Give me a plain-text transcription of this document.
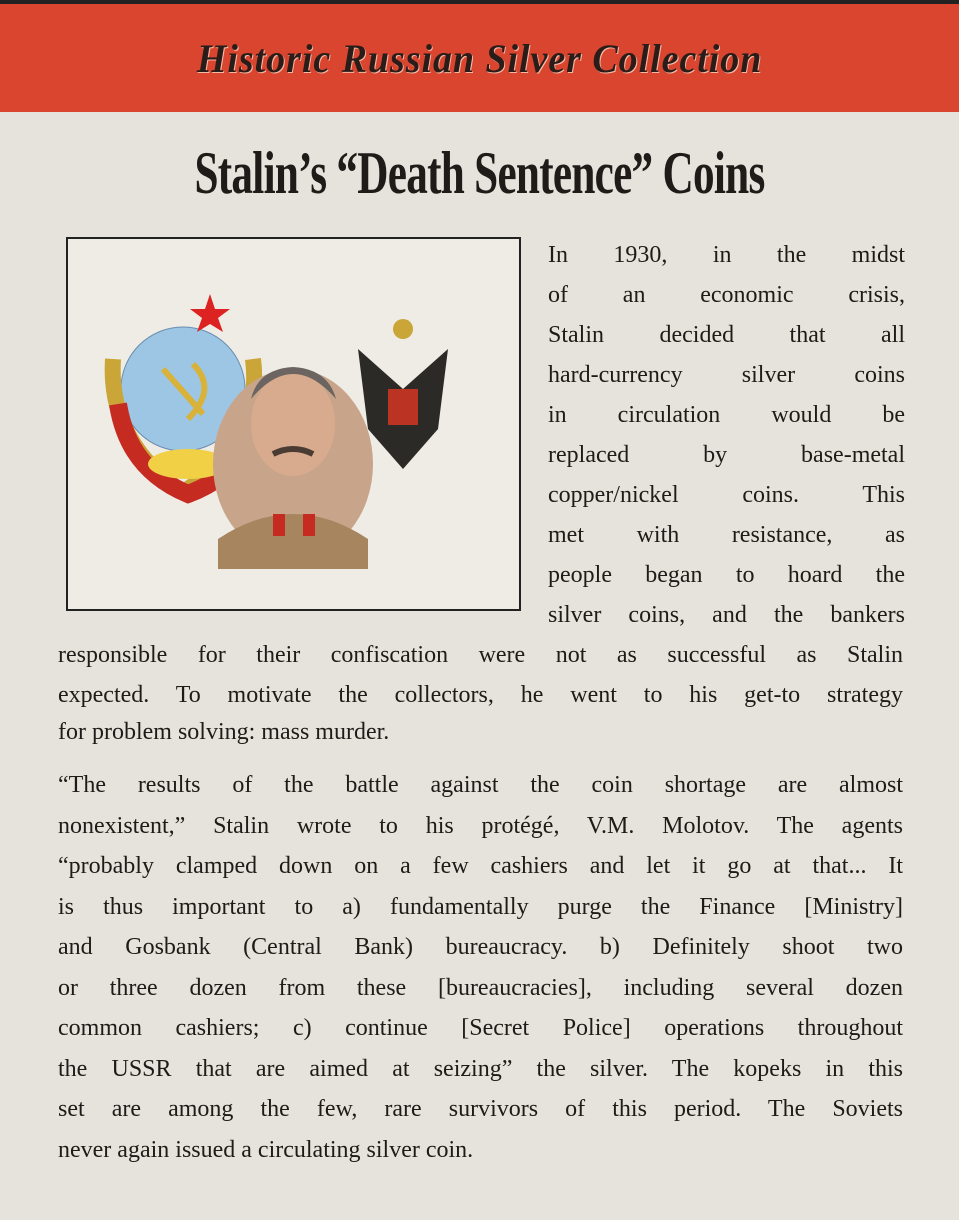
Historic Russian Silver Collection
Stalin’s “Death Sentence” Coins
In 1930, in the midst
of an economic crisis,
Stalin decided that all
hard-currency silver coins
in circulation would be
replaced by base-metal
copper/nickel coins. This
met with resistance, as
people began to hoard the
silver coins, and the bankers
responsible for their confiscation were not as successful as Stalin
expected. To motivate the collectors, he went to his get-to strategy
for problem solving: mass murder.
“The results of the battle against the coin shortage are almost
nonexistent,” Stalin wrote to his protégé, V.M. Molotov. The agents
“probably clamped down on a few cashiers and let it go at that... It
is thus important to a) fundamentally purge the Finance [Ministry]
and Gosbank (Central Bank) bureaucracy. b) Definitely shoot two
or three dozen from these [bureaucracies], including several dozen
common cashiers; c) continue [Secret Police] operations throughout
the USSR that are aimed at seizing” the silver. The kopeks in this
set are among the few, rare survivors of this period. The Soviets
never again issued a circulating silver coin.
